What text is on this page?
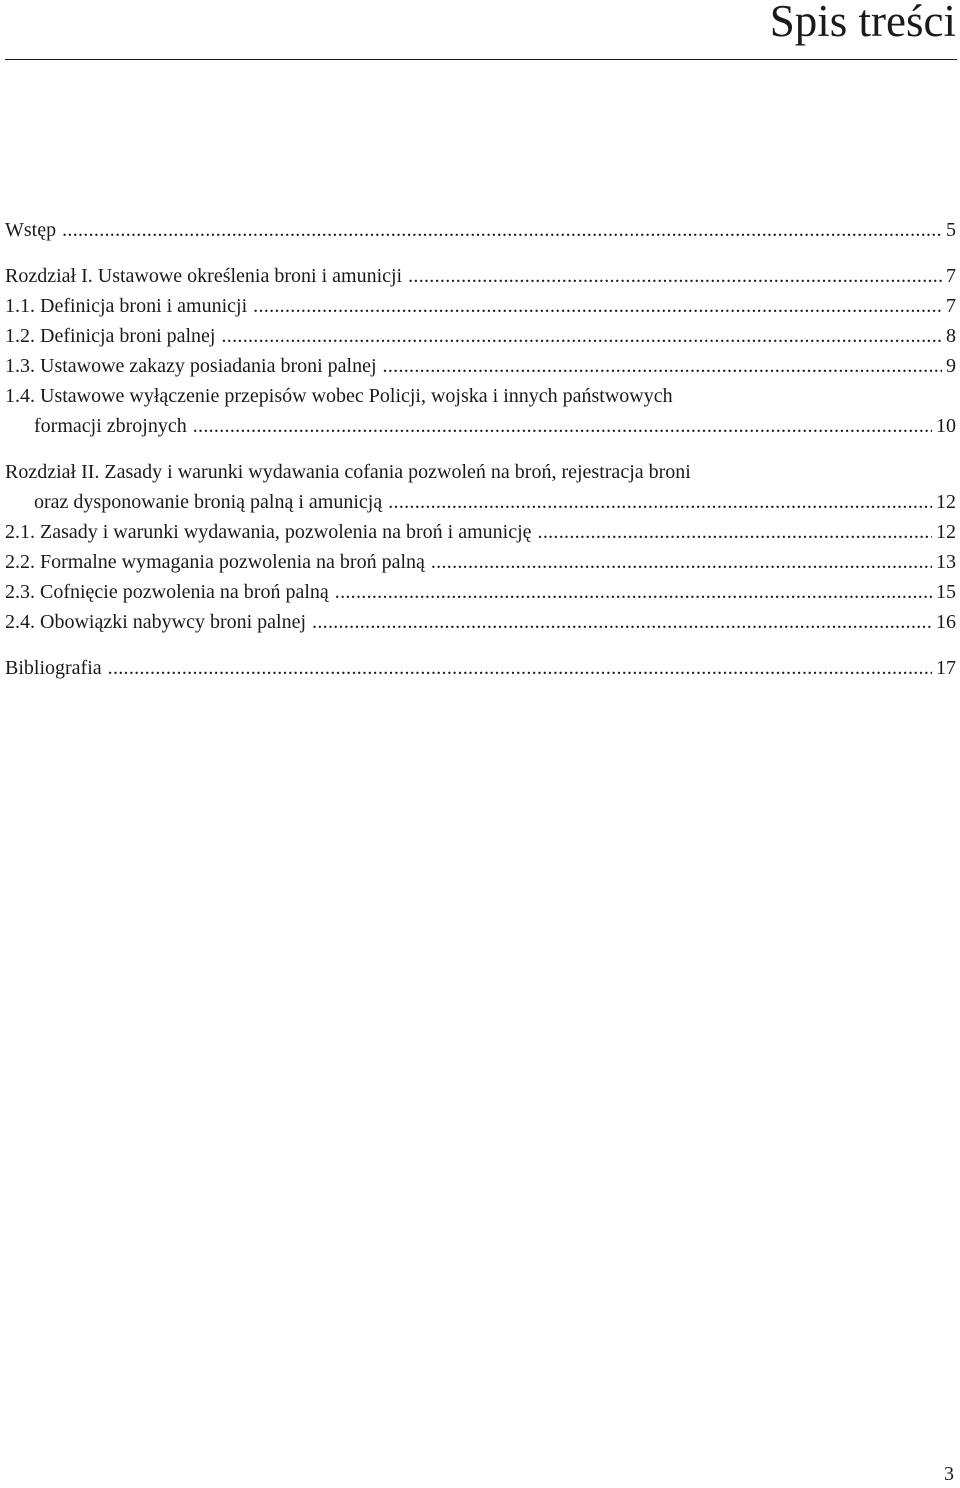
Spis treści
Wstęp .....	5
Rozdział I. Ustawowe określenia broni i amunicji .....	7
1.1. Definicja broni i amunicji .....	7
1.2. Definicja broni palnej .....	8
1.3. Ustawowe zakazy posiadania broni palnej .....	9
1.4. Ustawowe wyłączenie przepisów wobec Policji, wojska i innych państwowych
formacji zbrojnych .....	10
Rozdział II. Zasady i warunki wydawania cofania pozwoleń na broń, rejestracja broni
oraz dysponowanie bronią palną i amunicją .....	12
2.1. Zasady i warunki wydawania, pozwolenia na broń i amunicję .....	12
2.2. Formalne wymagania pozwolenia na broń palną .....	13
2.3. Cofnięcie pozwolenia na broń palną .....	15
2.4. Obowiązki nabywcy broni palnej .....	16
Bibliografia .....	17
3
